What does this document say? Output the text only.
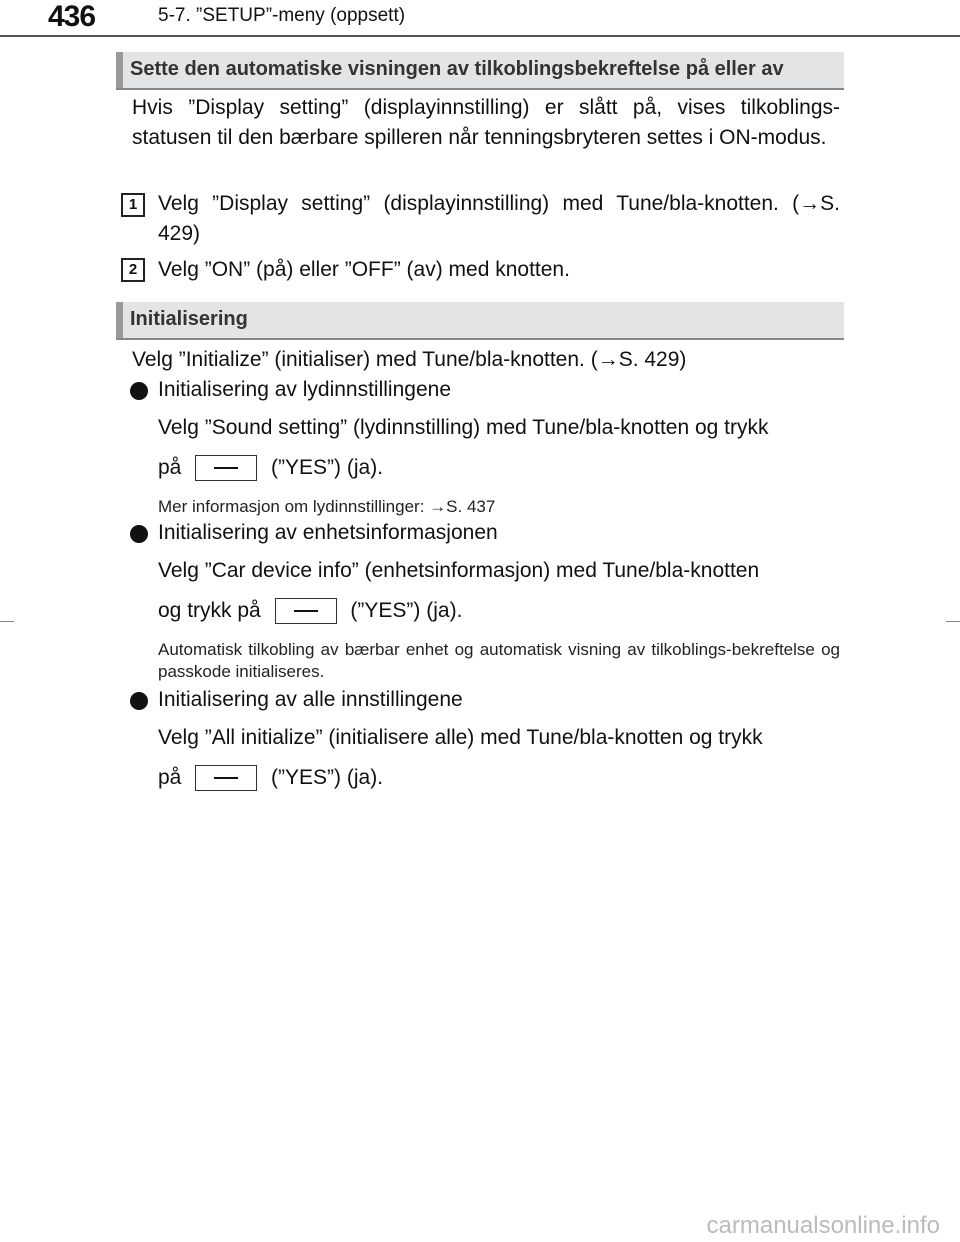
436	5-7. ”SETUP”-meny (oppsett)
Sette den automatiske visningen av tilkoblingsbekreftelse på eller av
Hvis ”Display setting” (displayinnstilling) er slått på, vises tilkoblings-statusen til den bærbare spilleren når tenningsbryteren settes i ON-modus.
1 Velg ”Display setting” (displayinnstilling) med Tune/bla-knotten. (→S. 429)
2 Velg ”ON” (på) eller ”OFF” (av) med knotten.
Initialisering
Velg ”Initialize” (initialiser) med Tune/bla-knotten. (→S. 429)
Initialisering av lydinnstillingene
Velg ”Sound setting” (lydinnstilling) med Tune/bla-knotten og trykk
på	(”YES”) (ja).
Mer informasjon om lydinnstillinger: →S. 437
Initialisering av enhetsinformasjonen
Velg ”Car device info” (enhetsinformasjon) med Tune/bla-knotten
og trykk på	(”YES”) (ja).
Automatisk tilkobling av bærbar enhet og automatisk visning av tilkoblings-bekreftelse og passkode initialiseres.
Initialisering av alle innstillingene
Velg ”All initialize” (initialisere alle) med Tune/bla-knotten og trykk
på	(”YES”) (ja).
carmanualsonline.info
